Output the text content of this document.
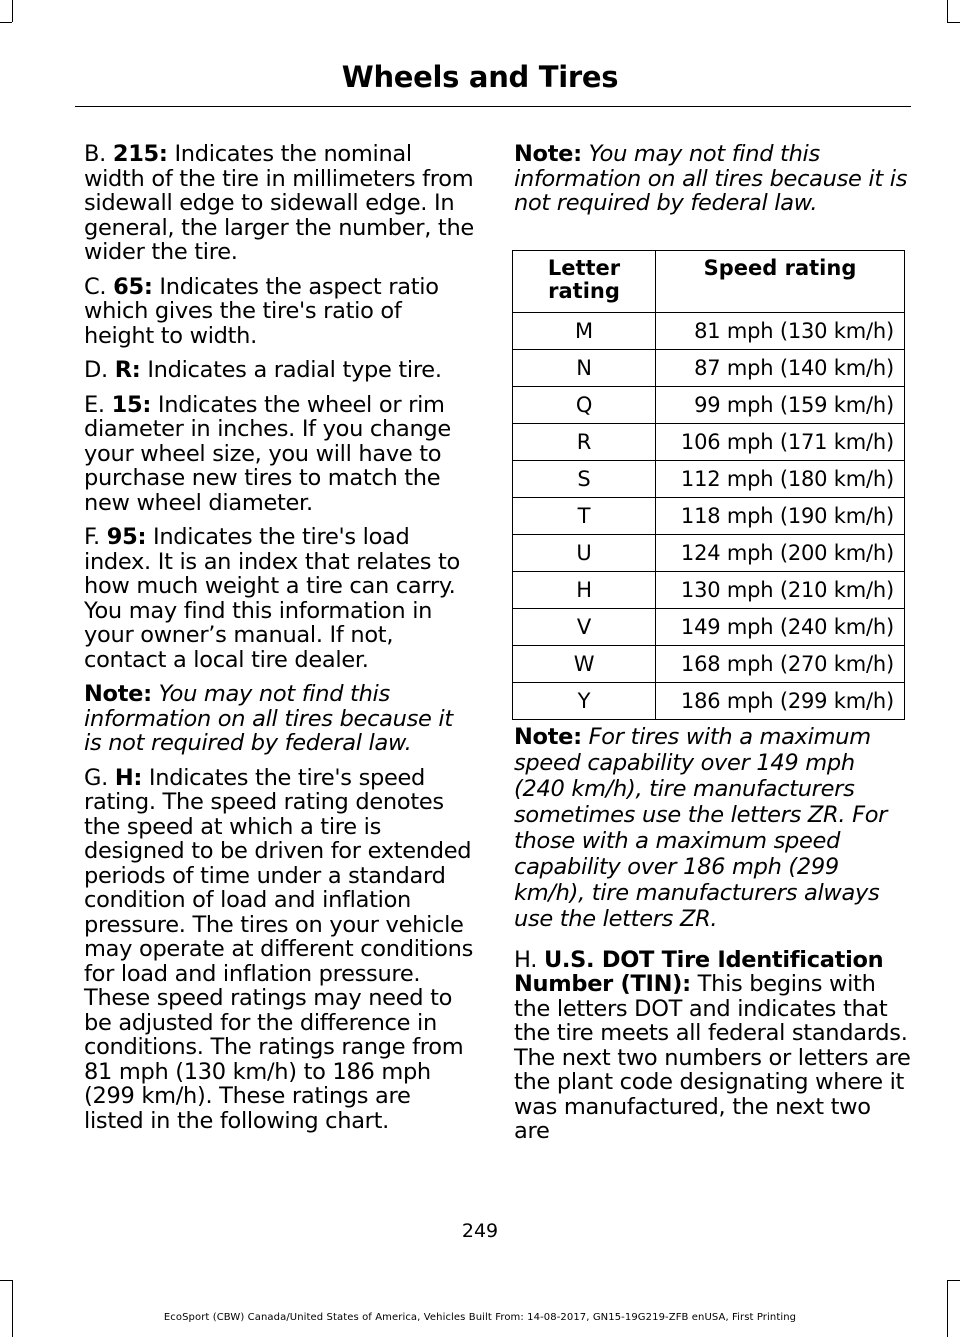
Wheels and Tires

B. 215: Indicates the nominal width of the tire in millimeters from sidewall edge to sidewall edge. In general, the larger the number, the wider the tire.

C. 65: Indicates the aspect ratio which gives the tire's ratio of height to width.

D. R: Indicates a radial type tire.

E. 15: Indicates the wheel or rim diameter in inches. If you change your wheel size, you will have to purchase new tires to match the new wheel diameter.

F. 95: Indicates the tire's load index. It is an index that relates to how much weight a tire can carry. You may find this information in your owner’s manual. If not, contact a local tire dealer.

Note: You may not find this information on all tires because it is not required by federal law.

G. H: Indicates the tire's speed rating. The speed rating denotes the speed at which a tire is designed to be driven for extended periods of time under a standard condition of load and inflation pressure. The tires on your vehicle may operate at different conditions for load and inflation pressure. These speed ratings may need to be adjusted for the difference in conditions. The ratings range from 81 mph (130 km/h) to 186 mph (299 km/h). These ratings are listed in the following chart.

Note: You may not find this information on all tires because it is not required by federal law.

Letter rating	Speed rating
M	81 mph (130 km/h)
N	87 mph (140 km/h)
Q	99 mph (159 km/h)
R	106 mph (171 km/h)
S	112 mph (180 km/h)
T	118 mph (190 km/h)
U	124 mph (200 km/h)
H	130 mph (210 km/h)
V	149 mph (240 km/h)
W	168 mph (270 km/h)
Y	186 mph (299 km/h)

Note: For tires with a maximum speed capability over 149 mph (240 km/h), tire manufacturers sometimes use the letters ZR. For those with a maximum speed capability over 186 mph (299 km/h), tire manufacturers always use the letters ZR.

H. U.S. DOT Tire Identification Number (TIN): This begins with the letters DOT and indicates that the tire meets all federal standards. The next two numbers or letters are the plant code designating where it was manufactured, the next two are

249
EcoSport (CBW) Canada/United States of America, Vehicles Built From: 14-08-2017, GN15-19G219-ZFB enUSA, First Printing
